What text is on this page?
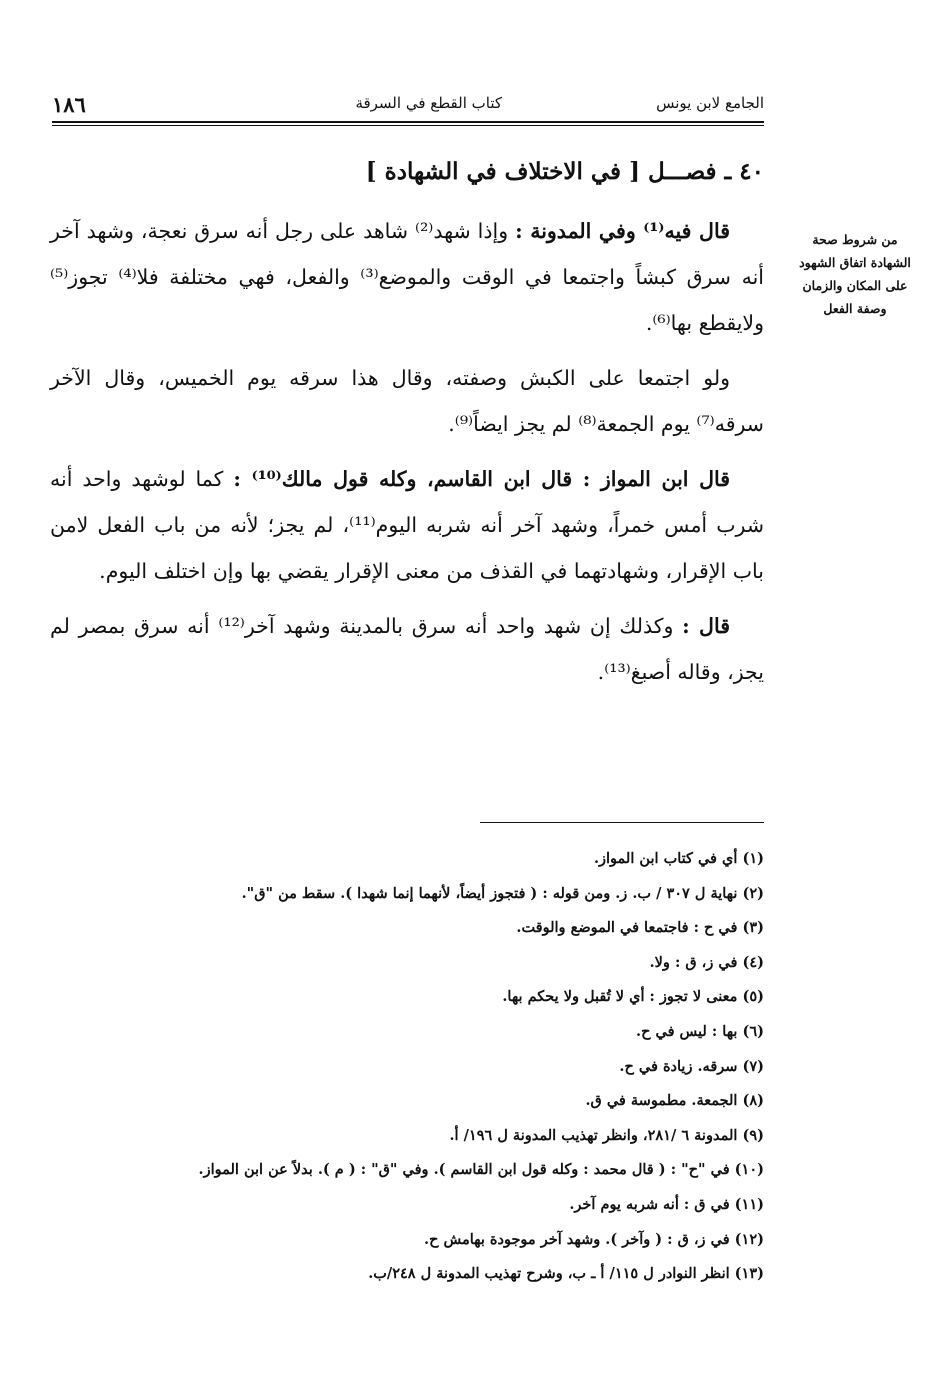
الجامع لابن يونس
كتاب القطع في السرقة
١٨٦
٤٠ ـ فصـــل [ في الاختلاف في الشهادة ]
من شروط صحة
الشهادة اتفاق الشهود
على المكان والزمان
وصفة الفعل

قال فيه⁽¹⁾ وفي المدونة : وإذا شهد⁽²⁾ شاهد على رجل أنه سرق نعجة، وشهد آخر أنه سرق كبشاً واجتمعا في الوقت والموضع⁽³⁾ والفعل، فهي مختلفة فلا⁽⁴⁾ تجوز⁽⁵⁾ ولايقطع بها⁽⁶⁾.

ولو اجتمعا على الكبش وصفته، وقال هذا سرقه يوم الخميس، وقال الآخر سرقه⁽⁷⁾ يوم الجمعة⁽⁸⁾ لم يجز ايضاً⁽⁹⁾.

قال ابن المواز : قال ابن القاسم، وكله قول مالك⁽¹⁰⁾ : كما لوشهد واحد أنه شرب أمس خمراً، وشهد آخر أنه شربه اليوم⁽¹¹⁾، لم يجز؛ لأنه من باب الفعل لامن باب الإقرار، وشهادتهما في القذف من معنى الإقرار يقضي بها وإن اختلف اليوم.

قال : وكذلك إن شهد واحد أنه سرق بالمدينة وشهد آخر⁽¹²⁾ أنه سرق بمصر لم يجز، وقاله أصبغ⁽¹³⁾.

(١) أي في كتاب ابن المواز.
(٢) نهاية ل ٣٠٧ / ب. ز. ومن قوله : ( فتجوز أيضاً، لأنهما إنما شهدا ). سقط من "ق".
(٣) في ح : فاجتمعا في الموضع والوقت.
(٤) في ز، ق : ولا.
(٥) معنى لا تجوز : أي لا تُقبل ولا يحكم بها.
(٦) بها : ليس في ح.
(٧) سرقه. زيادة في ح.
(٨) الجمعة. مطموسة في ق.
(٩) المدونة ٦ /٢٨١، وانظر تهذيب المدونة ل ١٩٦/ أ.
(١٠) في "ح" : ( قال محمد : وكله قول ابن القاسم ). وفي "ق" : ( م ). بدلاً عن ابن المواز.
(١١) في ق : أنه شربه يوم آخر.
(١٢) في ز، ق : ( وآخر ). وشهد آخر موجودة بهامش ح.
(١٣) انظر النوادر ل ١١٥/ أ ـ ب، وشرح تهذيب المدونة ل ٢٤٨/ب.
